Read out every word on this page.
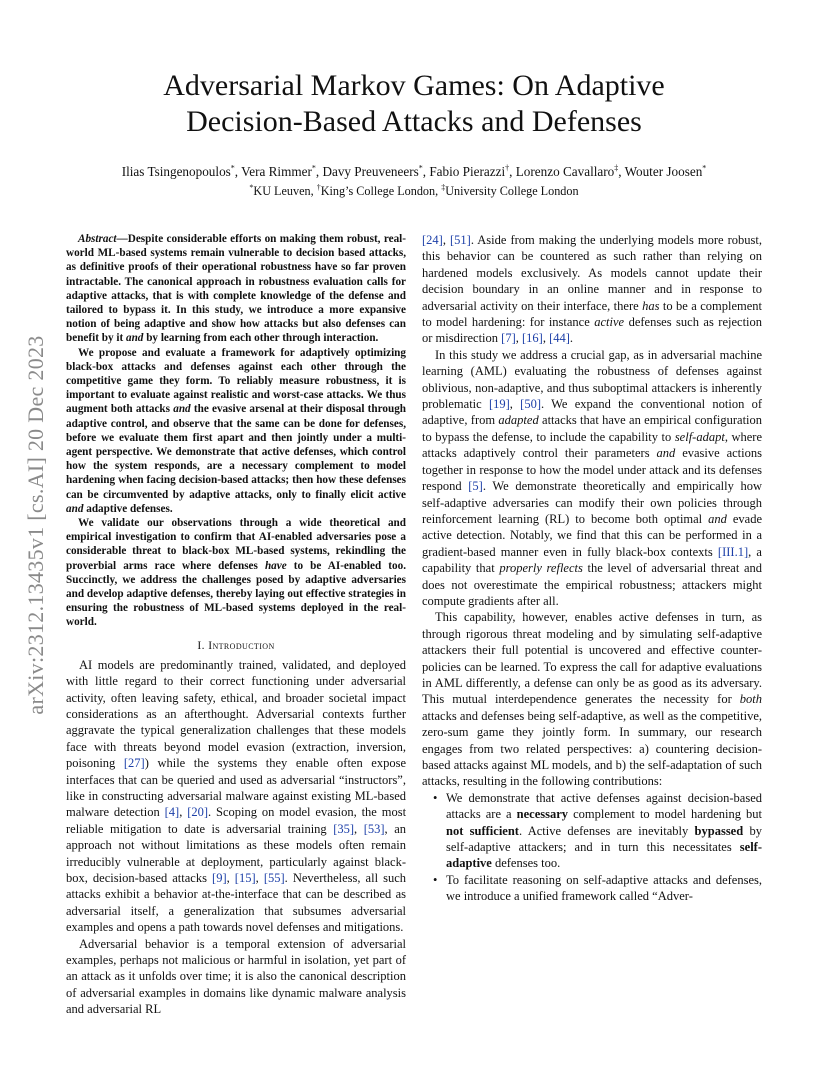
arXiv:2312.13435v1 [cs.AI] 20 Dec 2023
Adversarial Markov Games: On Adaptive
Decision-Based Attacks and Defenses
Ilias Tsingenopoulos*, Vera Rimmer*, Davy Preuveneers*, Fabio Pierazzi†, Lorenzo Cavallaro‡, Wouter Joosen*
*KU Leuven, †King’s College London, ‡University College London

Abstract—Despite considerable efforts on making them robust, real-world ML-based systems remain vulnerable to decision based attacks, as definitive proofs of their operational robustness have so far proven intractable. The canonical approach in robustness evaluation calls for adaptive attacks, that is with complete knowledge of the defense and tailored to bypass it. In this study, we introduce a more expansive notion of being adaptive and show how attacks but also defenses can benefit by it and by learning from each other through interaction.

We propose and evaluate a framework for adaptively optimizing black-box attacks and defenses against each other through the competitive game they form. To reliably measure robustness, it is important to evaluate against realistic and worst-case attacks. We thus augment both attacks and the evasive arsenal at their disposal through adaptive control, and observe that the same can be done for defenses, before we evaluate them first apart and then jointly under a multi-agent perspective. We demonstrate that active defenses, which control how the system responds, are a necessary complement to model hardening when facing decision-based attacks; then how these defenses can be circumvented by adaptive attacks, only to finally elicit active and adaptive defenses.

We validate our observations through a wide theoretical and empirical investigation to confirm that AI-enabled adversaries pose a considerable threat to black-box ML-based systems, rekindling the proverbial arms race where defenses have to be AI-enabled too. Succinctly, we address the challenges posed by adaptive adversaries and develop adaptive defenses, thereby laying out effective strategies in ensuring the robustness of ML-based systems deployed in the real-world.

I. Introduction

AI models are predominantly trained, validated, and deployed with little regard to their correct functioning under adversarial activity, often leaving safety, ethical, and broader societal impact considerations as an afterthought. Adversarial contexts further aggravate the typical generalization challenges that these models face with threats beyond model evasion (extraction, inversion, poisoning [27]) while the systems they enable often expose interfaces that can be queried and used as adversarial “instructors”, like in constructing adversarial malware against existing ML-based malware detection [4], [20]. Scoping on model evasion, the most reliable mitigation to date is adversarial training [35], [53], an approach not without limitations as these models often remain irreducibly vulnerable at deployment, particularly against black-box, decision-based attacks [9], [15], [55]. Nevertheless, all such attacks exhibit a behavior at-the-interface that can be described as adversarial itself, a generalization that subsumes adversarial examples and opens a path towards novel defenses and mitigations.

Adversarial behavior is a temporal extension of adversarial examples, perhaps not malicious or harmful in isolation, yet part of an attack as it unfolds over time; it is also the canonical description of adversarial examples in domains like dynamic malware analysis and adversarial RL

[24], [51]. Aside from making the underlying models more robust, this behavior can be countered as such rather than relying on hardened models exclusively. As models cannot update their decision boundary in an online manner and in response to adversarial activity on their interface, there has to be a complement to model hardening: for instance active defenses such as rejection or misdirection [7], [16], [44].

In this study we address a crucial gap, as in adversarial machine learning (AML) evaluating the robustness of defenses against oblivious, non-adaptive, and thus suboptimal attackers is inherently problematic [19], [50]. We expand the conventional notion of adaptive, from adapted attacks that have an empirical configuration to bypass the defense, to include the capability to self-adapt, where attacks adaptively control their parameters and evasive actions together in response to how the model under attack and its defenses respond [5]. We demonstrate theoretically and empirically how self-adaptive adversaries can modify their own policies through reinforcement learning (RL) to become both optimal and evade active detection. Notably, we find that this can be performed in a gradient-based manner even in fully black-box contexts [III.1], a capability that properly reflects the level of adversarial threat and does not overestimate the empirical robustness; attackers might compute gradients after all.

This capability, however, enables active defenses in turn, as through rigorous threat modeling and by simulating self-adaptive attackers their full potential is uncovered and effective counter-policies can be learned. To express the call for adaptive evaluations in AML differently, a defense can only be as good as its adversary. This mutual interdependence generates the necessity for both attacks and defenses being self-adaptive, as well as the competitive, zero-sum game they jointly form. In summary, our research engages from two related perspectives: a) countering decision-based attacks against ML models, and b) the self-adaptation of such attacks, resulting in the following contributions:

• We demonstrate that active defenses against decision-based attacks are a necessary complement to model hardening but not sufficient. Active defenses are inevitably bypassed by self-adaptive attackers; and in turn this necessitates self-adaptive defenses too.
• To facilitate reasoning on self-adaptive attacks and defenses, we introduce a unified framework called “Adver-
